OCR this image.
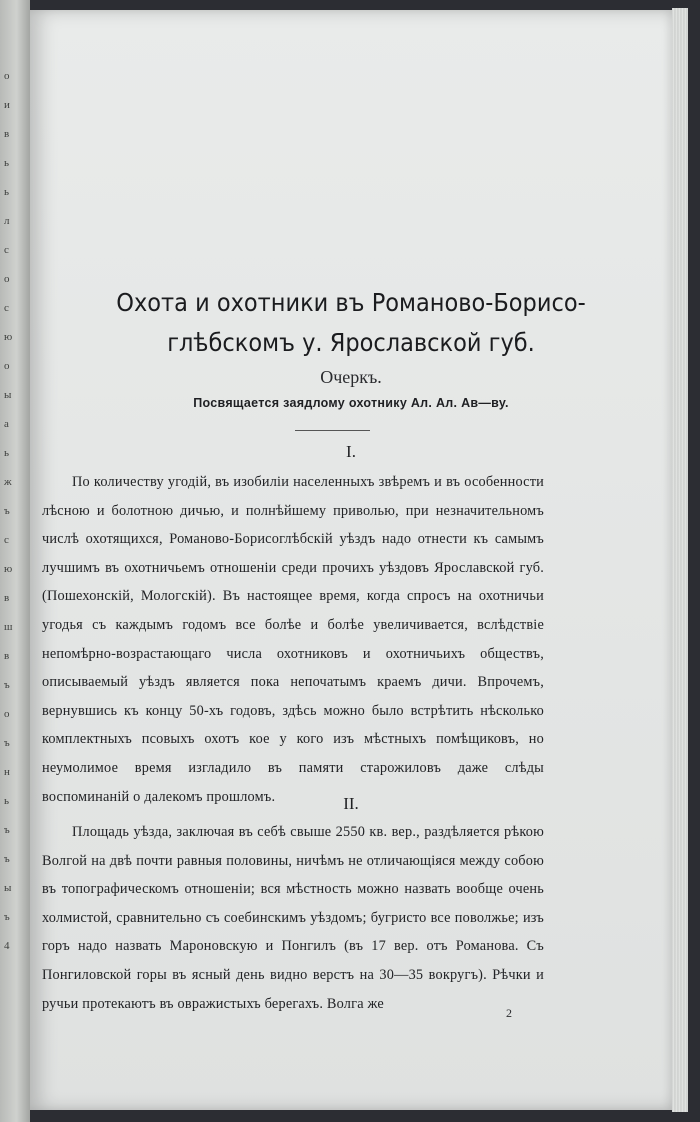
о
и
в
ь
ь
л
с
о
с
ю
о
ы
а
ь
ж
ъ
с
ю
в
ш
в
ъ
о
ъ
н
ь
ъ
ъ
ы
ъ
4
Охота и охотники въ Романово-Борисо-
глѣбскомъ у. Ярославской губ.
Очеркъ.
Посвящается заядлому охотнику Ал. Ал. Ав—ву.
I.

По количеству угодій, въ изобиліи населенныхъ звѣремъ и въ особенности лѣсною и болотною дичью, и полнѣйшему приволью, при незначительномъ числѣ охотящихся, Романово-Борисоглѣбскій уѣздъ надо отнести къ самымъ лучшимъ въ охотничьемъ отношеніи среди прочихъ уѣздовъ Ярославской губ. (Пошехонскій, Мологскій). Въ настоящее время, когда спросъ на охотничьи угодья съ каждымъ годомъ все болѣе и болѣе увеличивается, вслѣдствіе непомѣрно-возрастающаго числа охотниковъ и охотничьихъ обществъ, описываемый уѣздъ является пока непочатымъ краемъ дичи. Впрочемъ, вернувшись къ концу 50-хъ годовъ, здѣсь можно было встрѣтить нѣсколько комплектныхъ псовыхъ охотъ кое у кого изъ мѣстныхъ помѣщиковъ, но неумолимое время изгладило въ памяти старожиловъ даже слѣды воспоминаній о далекомъ прошломъ.	II.

Площадь уѣзда, заключая въ себѣ свыше 2550 кв. вер., раздѣляется рѣкою Волгой на двѣ почти равныя половины, ничѣмъ не отличающіяся между собою въ топографическомъ отношеніи; вся мѣстность можно назвать вообще очень холмистой, сравнительно съ соебинскимъ уѣздомъ; бугристо все поволжье; изъ горъ надо назвать Мароновскую и Понгилъ (въ 17 вер. отъ Романова. Съ Понгиловской горы въ ясный день видно верстъ на 30—35 вокругъ). Рѣчки и ручьи протекаютъ въ овражистыхъ берегахъ. Волга же

2
